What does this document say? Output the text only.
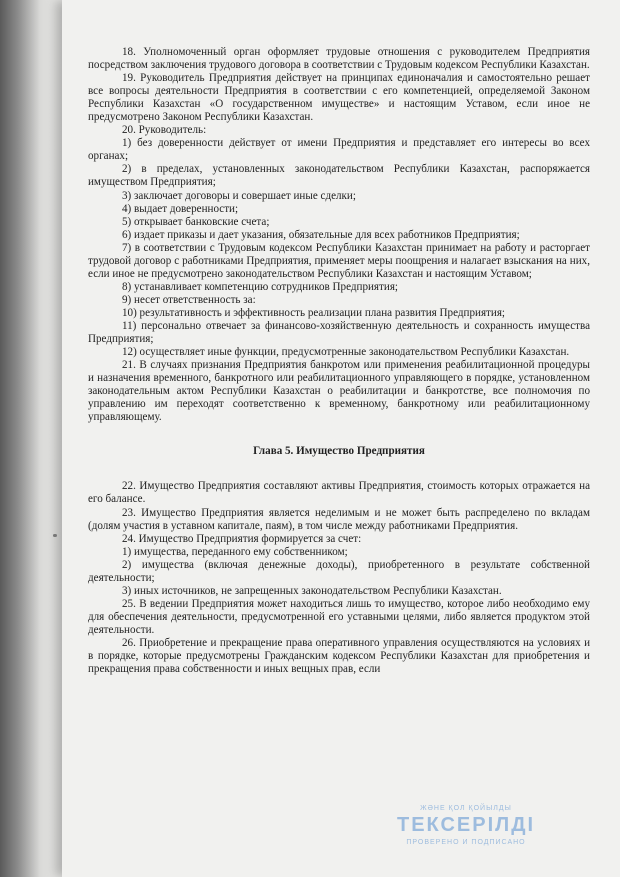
18. Уполномоченный орган оформляет трудовые отношения с руководителем Предприятия посредством заключения трудового договора в соответствии с Трудовым кодексом Республики Казахстан.

19. Руководитель Предприятия действует на принципах единоначалия и самостоятельно решает все вопросы деятельности Предприятия в соответствии с его компетенцией, определяемой Законом Республики Казахстан «О государственном имуществе» и настоящим Уставом, если иное не предусмотрено Законом Республики Казахстан.

20. Руководитель:

1) без доверенности действует от имени Предприятия и представляет его интересы во всех органах;

2) в пределах, установленных законодательством Республики Казахстан, распоряжается имуществом Предприятия;

3) заключает договоры и совершает иные сделки;

4) выдает доверенности;

5) открывает банковские счета;

6) издает приказы и дает указания, обязательные для всех работников Предприятия;

7) в соответствии с Трудовым кодексом Республики Казахстан принимает на работу и расторгает трудовой договор с работниками Предприятия, применяет меры поощрения и налагает взыскания на них, если иное не предусмотрено законодательством Республики Казахстан и настоящим Уставом;

8) устанавливает компетенцию сотрудников Предприятия;

9) несет ответственность за:

10) результативность и эффективность реализации плана развития Предприятия;

11) персонально отвечает за финансово-хозяйственную деятельность и сохранность имущества Предприятия;

12) осуществляет иные функции, предусмотренные законодательством Республики Казахстан.

21. В случаях признания Предприятия банкротом или применения реабилитационной процедуры и назначения временного, банкротного или реабилитационного управляющего в порядке, установленном законодательным актом Республики Казахстан о реабилитации и банкротстве, все полномочия по управлению им переходят соответственно к временному, банкротному или реабилитационному управляющему.

Глава 5. Имущество Предприятия

22. Имущество Предприятия составляют активы Предприятия, стоимость которых отражается на его балансе.

23. Имущество Предприятия является неделимым и не может быть распределено по вкладам (долям участия в уставном капитале, паям), в том числе между работниками Предприятия.

24. Имущество Предприятия формируется за счет:

1) имущества, переданного ему собственником;

2) имущества (включая денежные доходы), приобретенного в результате собственной деятельности;

3) иных источников, не запрещенных законодательством Республики Казахстан.

25. В ведении Предприятия может находиться лишь то имущество, которое либо необходимо ему для обеспечения деятельности, предусмотренной его уставными целями, либо является продуктом этой деятельности.

26. Приобретение и прекращение права оперативного управления осуществляются на условиях и в порядке, которые предусмотрены Гражданским кодексом Республики Казахстан для приобретения и прекращения права собственности и иных вещных прав, если

ЖӘНЕ ҚОЛ ҚОЙЫЛДЫ
ТЕКСЕРІЛДІ
ПРОВЕРЕНО И ПОДПИСАНО
